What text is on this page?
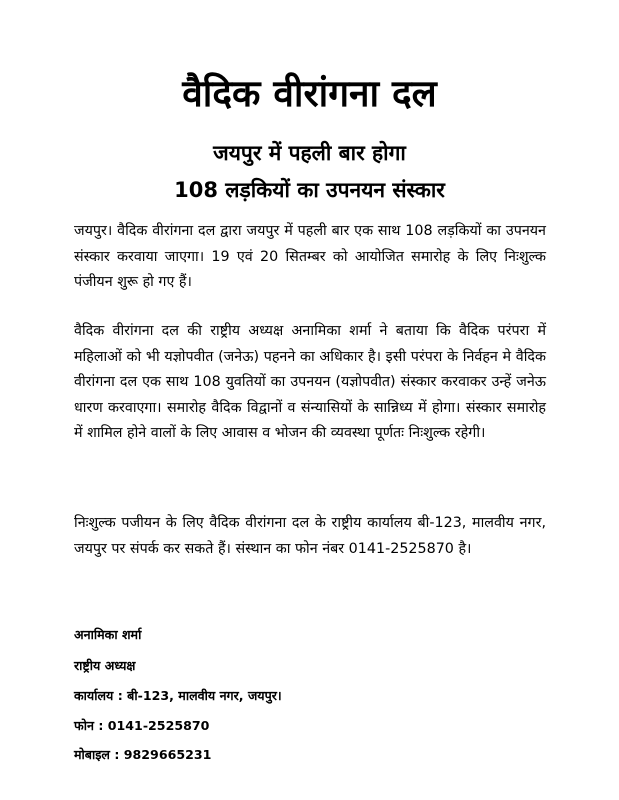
वैदिक वीरांगना दल
जयपुर में पहली बार होगा
108 लड़कियों का उपनयन संस्कार

जयपुर। वैदिक वीरांगना दल द्वारा जयपुर में पहली बार एक साथ 108 लड़कियों का उपनयन संस्कार करवाया जाएगा। 19 एवं 20 सितम्बर को आयोजित समारोह के लिए निःशुल्क पंजीयन शुरू हो गए हैं।

वैदिक वीरांगना दल की राष्ट्रीय अध्यक्ष अनामिका शर्मा ने बताया कि वैदिक परंपरा में महिलाओं को भी यज्ञोपवीत (जनेऊ) पहनने का अधिकार है। इसी परंपरा के निर्वहन मे वैदिक वीरांगना दल एक साथ 108 युवतियों का उपनयन (यज्ञोपवीत) संस्कार करवाकर उन्हें जनेऊ धारण करवाएगा। समारोह वैदिक विद्वानों व संन्यासियों के सान्निध्य में होगा। संस्कार समारोह में शामिल होने वालों के लिए आवास व भोजन की व्यवस्था पूर्णतः निःशुल्क रहेगी।

निःशुल्क पजीयन के लिए वैदिक वीरांगना दल के राष्ट्रीय कार्यालय बी-123, मालवीय नगर, जयपुर पर संपर्क कर सकते हैं। संस्थान का फोन नंबर 0141-2525870 है।

अनामिका शर्मा

राष्ट्रीय अध्यक्ष

कार्यालय : बी-123, मालवीय नगर, जयपुर।

फोन : 0141-2525870

मोबाइल : 9829665231
